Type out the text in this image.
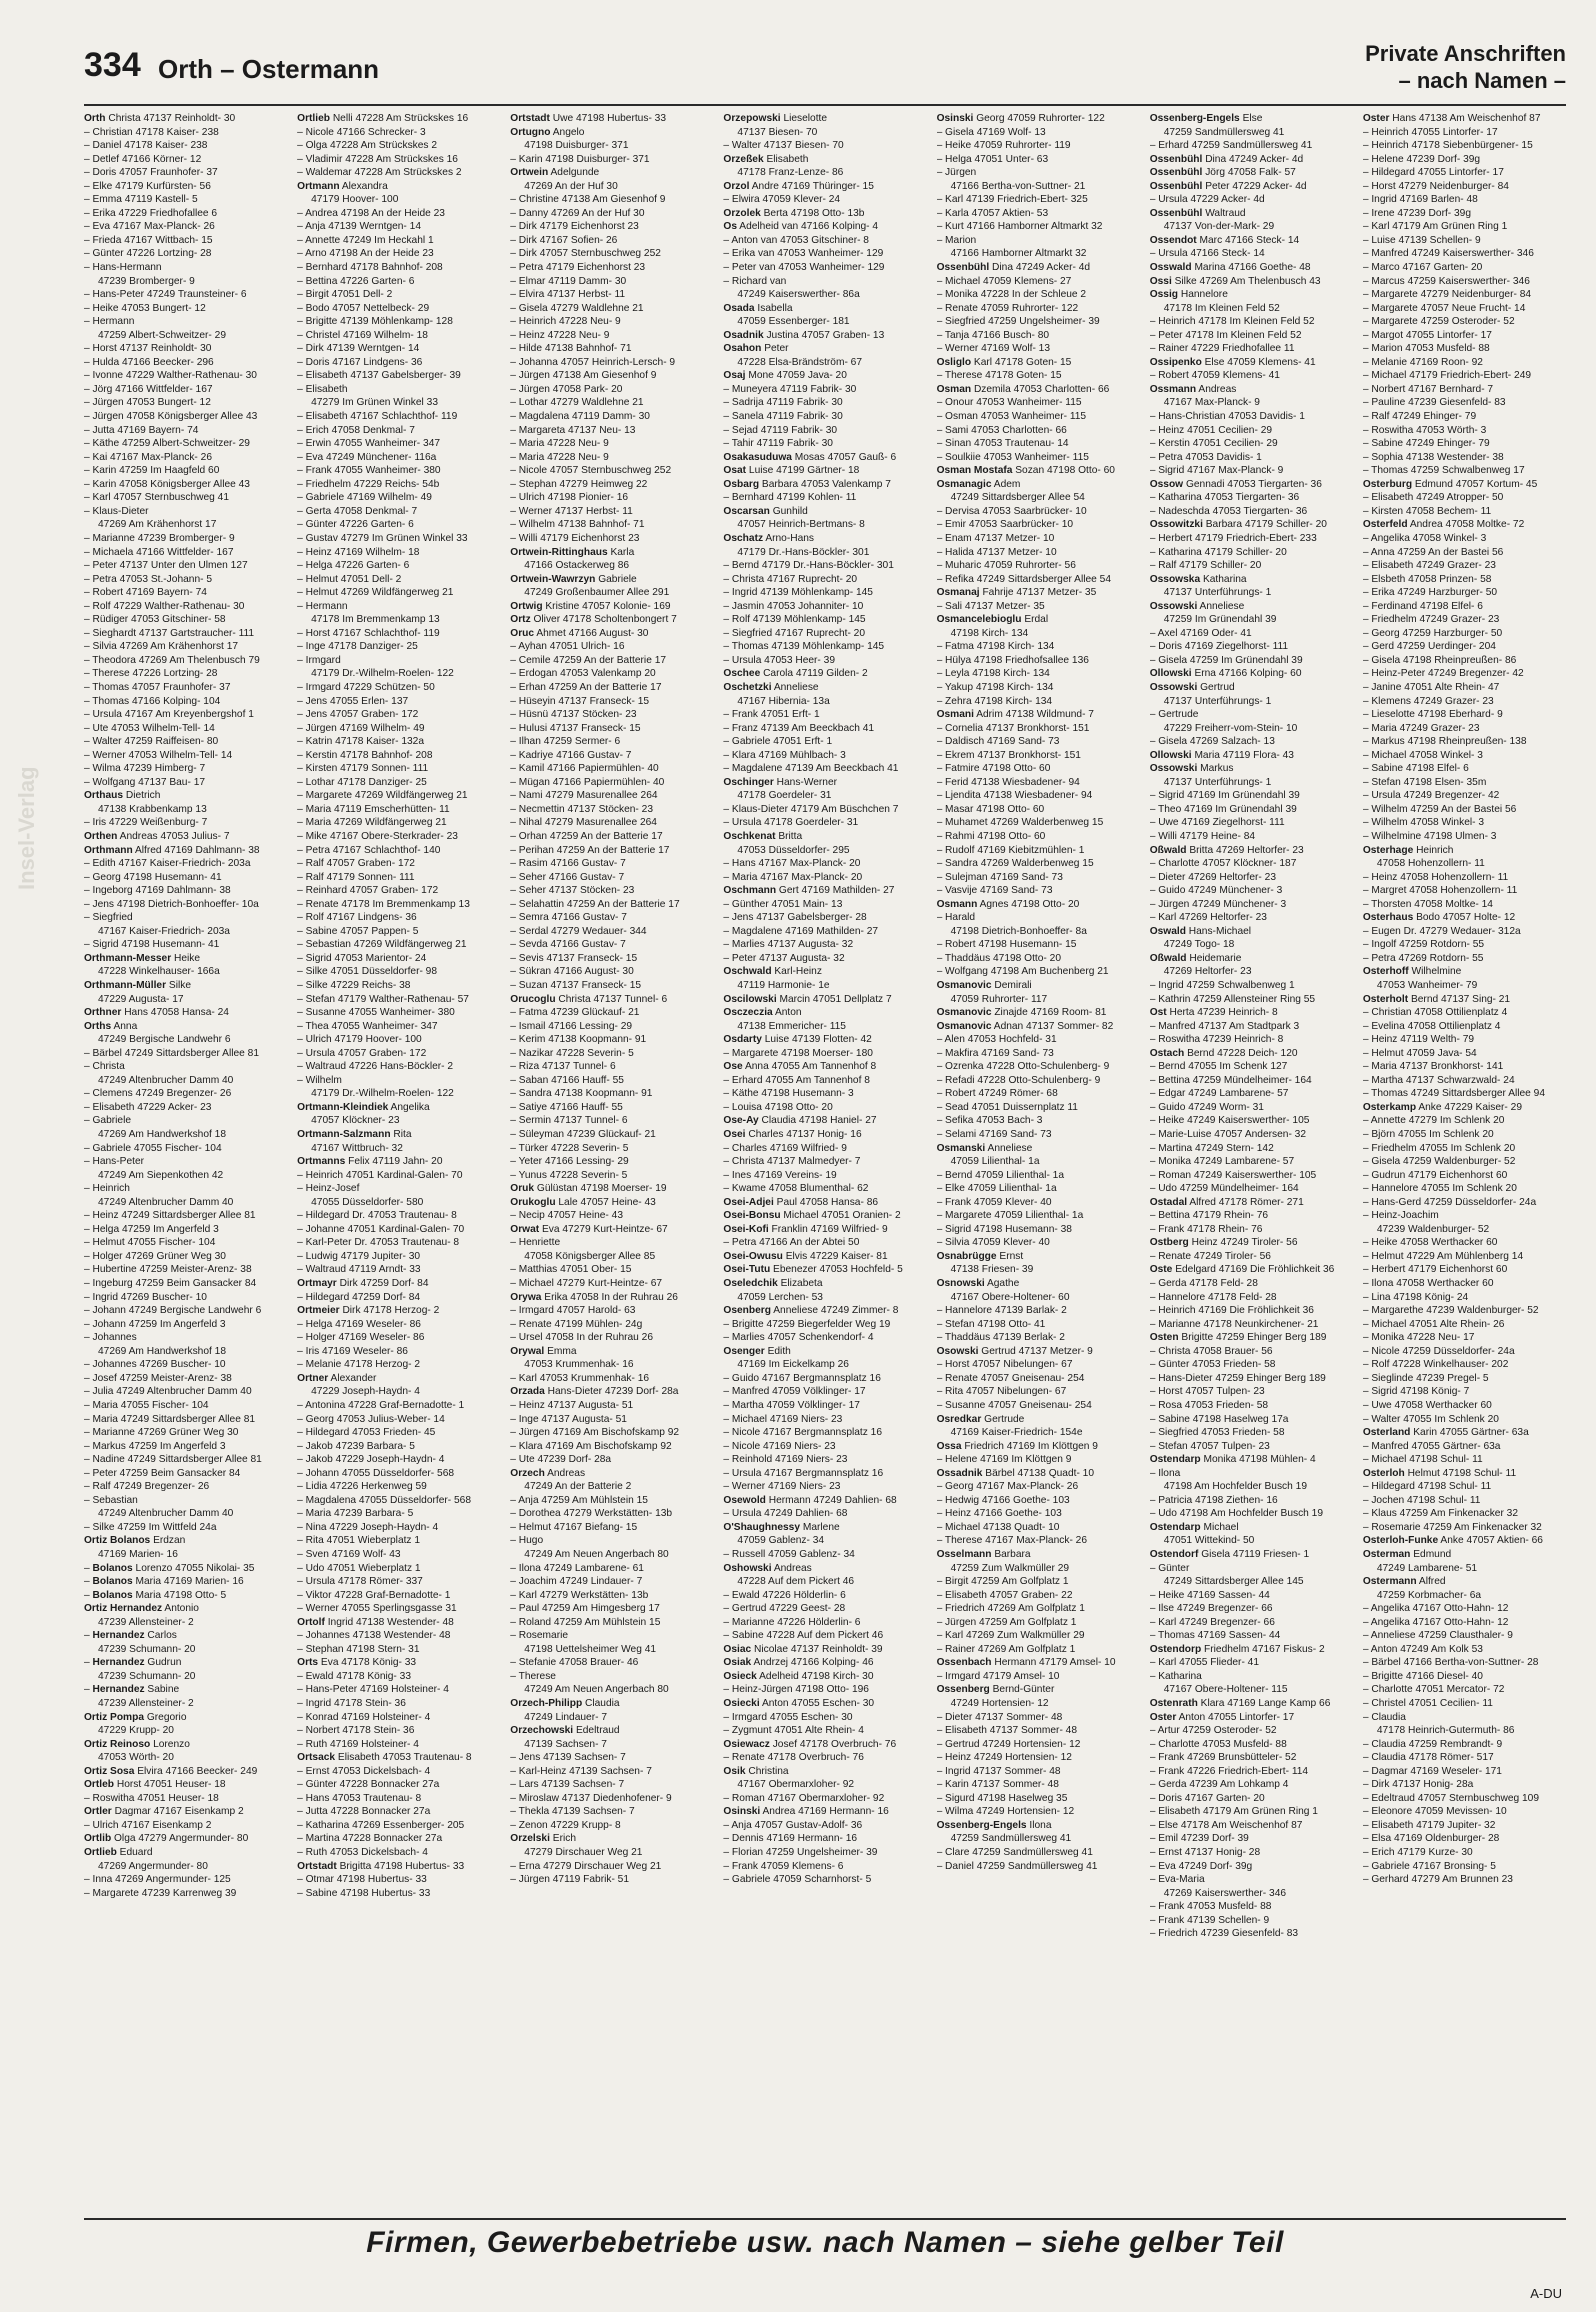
334 Orth – Ostermann
Private Anschriften
– nach Namen –
Insel-Verlag
Orth Christa 47137 Reinholdt- 30
– Christian 47178 Kaiser- 238
– Daniel 47178 Kaiser- 238
– Detlef 47166 Körner- 12
– Doris 47057 Fraunhofer- 37
– Elke 47179 Kurfürsten- 56
– Emma 47119 Kastell- 5
– Erika 47229 Friedhofallee 6
– Eva 47167 Max-Planck- 26
– Frieda 47167 Wittbach- 15
– Günter 47226 Lortzing- 28
– Hans-Hermann
47239 Bromberger- 9
– Hans-Peter 47249 Traunsteiner- 6
– Heike 47053 Bungert- 12
– Hermann
47259 Albert-Schweitzer- 29
– Horst 47137 Reinholdt- 30
– Hulda 47166 Beecker- 296
– Ivonne 47229 Walther-Rathenau- 30
– Jörg 47166 Wittfelder- 167
– Jürgen 47053 Bungert- 12
– Jürgen 47058 Königsberger Allee 43
– Jutta 47169 Bayern- 74
– Käthe 47259 Albert-Schweitzer- 29
– Kai 47167 Max-Planck- 26
– Karin 47259 Im Haagfeld 60
– Karin 47058 Königsberger Allee 43
– Karl 47057 Sternbuschweg 41
– Klaus-Dieter
47269 Am Krähenhorst 17
– Marianne 47239 Bromberger- 9
– Michaela 47166 Wittfelder- 167
– Peter 47137 Unter den Ulmen 127
– Petra 47053 St.-Johann- 5
– Robert 47169 Bayern- 74
– Rolf 47229 Walther-Rathenau- 30
– Rüdiger 47053 Gitschiner- 58
– Sieghardt 47137 Gartstraucher- 111
– Silvia 47269 Am Krähenhorst 17
– Theodora 47269 Am Thelenbusch 79
– Therese 47226 Lortzing- 28
– Thomas 47057 Fraunhofer- 37
– Thomas 47166 Kolping- 104
– Ursula 47167 Am Kreyenbergshof 1
– Ute 47053 Wilhelm-Tell- 14
– Walter 47259 Raiffeisen- 80
– Werner 47053 Wilhelm-Tell- 14
– Wilma 47239 Himberg- 7
– Wolfgang 47137 Bau- 17
Orthaus Dietrich
47138 Krabbenkamp 13
– Iris 47229 Weißenburg- 7
Orthen Andreas 47053 Julius- 7
Orthmann Alfred 47169 Dahlmann- 38
– Edith 47167 Kaiser-Friedrich- 203a
– Georg 47198 Husemann- 41
– Ingeborg 47169 Dahlmann- 38
– Jens 47198 Dietrich-Bonhoeffer- 10a
– Siegfried
47167 Kaiser-Friedrich- 203a
– Sigrid 47198 Husemann- 41
Orthmann-Messer Heike
47228 Winkelhauser- 166a
Orthmann-Müller Silke
47229 Augusta- 17
Orthner Hans 47058 Hansa- 24
Orths Anna
47249 Bergische Landwehr 6
– Bärbel 47249 Sittardsberger Allee 81
– Christa
47249 Altenbrucher Damm 40
– Clemens 47249 Bregenzer- 26
– Elisabeth 47229 Acker- 23
– Gabriele
47269 Am Handwerkshof 18
– Gabriele 47055 Fischer- 104
– Hans-Peter
47249 Am Siepenkothen 42
– Heinrich
47249 Altenbrucher Damm 40
– Heinz 47249 Sittardsberger Allee 81
– Helga 47259 Im Angerfeld 3
– Helmut 47055 Fischer- 104
– Holger 47269 Grüner Weg 30
– Hubertine 47259 Meister-Arenz- 38
– Ingeburg 47259 Beim Gansacker 84
– Ingrid 47269 Buscher- 10
– Johann 47249 Bergische Landwehr 6
– Johann 47259 Im Angerfeld 3
– Johannes
47269 Am Handwerkshof 18
– Johannes 47269 Buscher- 10
– Josef 47259 Meister-Arenz- 38
– Julia 47249 Altenbrucher Damm 40
– Maria 47055 Fischer- 104
– Maria 47249 Sittardsberger Allee 81
– Marianne 47269 Grüner Weg 30
– Markus 47259 Im Angerfeld 3
– Nadine 47249 Sittardsberger Allee 81
– Peter 47259 Beim Gansacker 84
– Ralf 47249 Bregenzer- 26
– Sebastian
47249 Altenbrucher Damm 40
– Silke 47259 Im Wittfeld 24a
Ortiz Bolanos Erdzan
47169 Marien- 16
– Bolanos Lorenzo 47055 Nikolai- 35
– Bolanos Maria 47169 Marien- 16
– Bolanos Maria 47198 Otto- 5
Ortiz Hernandez Antonio
47239 Allensteiner- 2
– Hernandez Carlos
47239 Schumann- 20
– Hernandez Gudrun
47239 Schumann- 20
– Hernandez Sabine
47239 Allensteiner- 2
Ortiz Pompa Gregorio
47229 Krupp- 20
Ortiz Reinoso Lorenzo
47053 Wörth- 20
Ortiz Sosa Elvira 47166 Beecker- 249
Ortleb Horst 47051 Heuser- 18
– Roswitha 47051 Heuser- 18
Ortler Dagmar 47167 Eisenkamp 2
– Ulrich 47167 Eisenkamp 2
Ortlib Olga 47279 Angermunder- 80
Ortlieb Eduard
47269 Angermunder- 80
– Inna 47269 Angermunder- 125
– Margarete 47239 Karrenweg 39
Ortlieb Nelli 47228 Am Strückskes 16
– Nicole 47166 Schrecker- 3
– Olga 47228 Am Strückskes 2
– Vladimir 47228 Am Strückskes 16
– Waldemar 47228 Am Strückskes 2
Ortmann Alexandra
47179 Hoover- 100
– Andrea 47198 An der Heide 23
– Anja 47139 Werntgen- 14
– Annette 47249 Im Heckahl 1
– Arno 47198 An der Heide 23
– Bernhard 47178 Bahnhof- 208
– Bettina 47226 Garten- 6
– Birgit 47051 Dell- 2
– Bodo 47057 Nettelbeck- 29
– Brigitte 47139 Möhlenkamp- 128
– Christel 47169 Wilhelm- 18
– Dirk 47139 Werntgen- 14
– Doris 47167 Lindgens- 36
– Elisabeth 47137 Gabelsberger- 39
– Elisabeth
47279 Im Grünen Winkel 33
– Elisabeth 47167 Schlachthof- 119
– Erich 47058 Denkmal- 7
– Erwin 47055 Wanheimer- 347
– Eva 47249 Münchener- 116a
– Frank 47055 Wanheimer- 380
– Friedhelm 47229 Reichs- 54b
– Gabriele 47169 Wilhelm- 49
– Gerta 47058 Denkmal- 7
– Günter 47226 Garten- 6
– Gustav 47279 Im Grünen Winkel 33
– Heinz 47169 Wilhelm- 18
– Helga 47226 Garten- 6
– Helmut 47051 Dell- 2
– Helmut 47269 Wildfängerweg 21
– Hermann
47178 Im Bremmenkamp 13
– Horst 47167 Schlachthof- 119
– Inge 47178 Danziger- 25
– Irmgard
47179 Dr.-Wilhelm-Roelen- 122
– Irmgard 47229 Schützen- 50
– Jens 47055 Erlen- 137
– Jens 47057 Graben- 172
– Jürgen 47169 Wilhelm- 49
– Katrin 47178 Kaiser- 132a
– Kerstin 47178 Bahnhof- 208
– Kirsten 47179 Sonnen- 111
– Lothar 47178 Danziger- 25
– Margarete 47269 Wildfängerweg 21
– Maria 47119 Emscherhütten- 11
– Maria 47269 Wildfängerweg 21
– Mike 47167 Obere-Sterkrader- 23
– Petra 47167 Schlachthof- 140
– Ralf 47057 Graben- 172
– Ralf 47179 Sonnen- 111
– Reinhard 47057 Graben- 172
– Renate 47178 Im Bremmenkamp 13
– Rolf 47167 Lindgens- 36
– Sabine 47057 Pappen- 5
– Sebastian 47269 Wildfängerweg 21
– Sigrid 47053 Marientor- 24
– Silke 47051 Düsseldorfer- 98
– Silke 47229 Reichs- 38
– Stefan 47179 Walther-Rathenau- 57
– Susanne 47055 Wanheimer- 380
– Thea 47055 Wanheimer- 347
– Ulrich 47179 Hoover- 100
– Ursula 47057 Graben- 172
– Waltraud 47226 Hans-Böckler- 2
– Wilhelm
47179 Dr.-Wilhelm-Roelen- 122
Ortmann-Kleindiek Angelika
47057 Klöckner- 23
Ortmann-Salzmann Rita
47167 Wittbruch- 32
Ortmanns Felix 47119 Jahn- 20
– Heinrich 47051 Kardinal-Galen- 70
– Heinz-Josef
47055 Düsseldorfer- 580
– Hildegard Dr. 47053 Trautenau- 8
– Johanne 47051 Kardinal-Galen- 70
– Karl-Peter Dr. 47053 Trautenau- 8
– Ludwig 47179 Jupiter- 30
– Waltraud 47119 Arndt- 33
Ortmayr Dirk 47259 Dorf- 84
– Hildegard 47259 Dorf- 84
Ortmeier Dirk 47178 Herzog- 2
– Helga 47169 Weseler- 86
– Holger 47169 Weseler- 86
– Iris 47169 Weseler- 86
– Melanie 47178 Herzog- 2
Ortner Alexander
47229 Joseph-Haydn- 4
– Antonina 47228 Graf-Bernadotte- 1
– Georg 47053 Julius-Weber- 14
– Hildegard 47053 Frieden- 45
– Jakob 47239 Barbara- 5
– Jakob 47229 Joseph-Haydn- 4
– Johann 47055 Düsseldorfer- 568
– Lidia 47226 Herkenweg 59
– Magdalena 47055 Düsseldorfer- 568
– Maria 47239 Barbara- 5
– Nina 47229 Joseph-Haydn- 4
– Rita 47051 Wieberplatz 1
– Sven 47169 Wolf- 43
– Udo 47051 Wieberplatz 1
– Ursula 47178 Römer- 337
– Viktor 47228 Graf-Bernadotte- 1
– Werner 47055 Sperlingsgasse 31
Ortolf Ingrid 47138 Westender- 48
– Johannes 47138 Westender- 48
– Stephan 47198 Stern- 31
Orts Eva 47178 König- 33
– Ewald 47178 König- 33
– Hans-Peter 47169 Holsteiner- 4
– Ingrid 47178 Stein- 36
– Konrad 47169 Holsteiner- 4
– Norbert 47178 Stein- 36
– Ruth 47169 Holsteiner- 4
Ortsack Elisabeth 47053 Trautenau- 8
– Ernst 47053 Dickelsbach- 4
– Günter 47228 Bonnacker 27a
– Hans 47053 Trautenau- 8
– Jutta 47228 Bonnacker 27a
– Katharina 47269 Essenberger- 205
– Martina 47228 Bonnacker 27a
– Ruth 47053 Dickelsbach- 4
Ortstadt Brigitta 47198 Hubertus- 33
– Otmar 47198 Hubertus- 33
– Sabine 47198 Hubertus- 33
Ortstadt Uwe 47198 Hubertus- 33
Ortugno Angelo
47198 Duisburger- 371
– Karin 47198 Duisburger- 371
Ortwein Adelgunde
47269 An der Huf 30
– Christine 47138 Am Giesenhof 9
– Danny 47269 An der Huf 30
– Dirk 47179 Eichenhorst 23
– Dirk 47167 Sofien- 26
– Dirk 47057 Sternbuschweg 252
– Petra 47179 Eichenhorst 23
– Elmar 47119 Damm- 30
– Elvira 47137 Herbst- 11
– Gisela 47279 Waldlehne 21
– Heinrich 47228 Neu- 9
– Heinz 47228 Neu- 9
– Hilde 47138 Bahnhof- 71
– Johanna 47057 Heinrich-Lersch- 9
– Jürgen 47138 Am Giesenhof 9
– Jürgen 47058 Park- 20
– Lothar 47279 Waldlehne 21
– Magdalena 47119 Damm- 30
– Margareta 47137 Neu- 13
– Maria 47228 Neu- 9
– Maria 47228 Neu- 9
– Nicole 47057 Sternbuschweg 252
– Stephan 47279 Heimweg 22
– Ulrich 47198 Pionier- 16
– Werner 47137 Herbst- 11
– Wilhelm 47138 Bahnhof- 71
– Willi 47179 Eichenhorst 23
Ortwein-Rittinghaus Karla
47166 Ostackerweg 86
Ortwein-Wawrzyn Gabriele
47249 Großenbaumer Allee 291
Ortwig Kristine 47057 Kolonie- 169
Ortz Oliver 47178 Scholtenbongert 7
Oruc Ahmet 47166 August- 30
– Ayhan 47051 Ulrich- 16
– Cemile 47259 An der Batterie 17
– Erdogan 47053 Valenkamp 20
– Erhan 47259 An der Batterie 17
– Hüseyin 47137 Franseck- 15
– Hüsnü 47137 Stöcken- 23
– Hulusi 47137 Franseck- 15
– Ilhan 47259 Sermer- 6
– Kadriye 47166 Gustav- 7
– Kamil 47166 Papiermühlen- 40
– Mügan 47166 Papiermühlen- 40
– Nami 47279 Masurenallee 264
– Necmettin 47137 Stöcken- 23
– Nihal 47279 Masurenallee 264
– Orhan 47259 An der Batterie 17
– Perihan 47259 An der Batterie 17
– Rasim 47166 Gustav- 7
– Seher 47166 Gustav- 7
– Seher 47137 Stöcken- 23
– Selahattin 47259 An der Batterie 17
– Semra 47166 Gustav- 7
– Serdal 47279 Wedauer- 344
– Sevda 47166 Gustav- 7
– Sevis 47137 Franseck- 15
– Sükran 47166 August- 30
– Suzan 47137 Franseck- 15
Orucoglu Christa 47137 Tunnel- 6
– Fatma 47239 Glückauf- 21
– Ismail 47166 Lessing- 29
– Kerim 47138 Koopmann- 91
– Nazikar 47228 Severin- 5
– Riza 47137 Tunnel- 6
– Saban 47166 Hauff- 55
– Sandra 47138 Koopmann- 91
– Satiye 47166 Hauff- 55
– Sermin 47137 Tunnel- 6
– Süleyman 47239 Glückauf- 21
– Türker 47228 Severin- 5
– Yeter 47166 Lessing- 29
– Yunus 47228 Severin- 5
Oruk Gülüstan 47198 Moerser- 19
Orukoglu Lale 47057 Heine- 43
– Necip 47057 Heine- 43
Orwat Eva 47279 Kurt-Heintze- 67
– Henriette
47058 Königsberger Allee 85
– Matthias 47051 Ober- 15
– Michael 47279 Kurt-Heintze- 67
Orywa Erika 47058 In der Ruhrau 26
– Irmgard 47057 Harold- 63
– Renate 47199 Mühlen- 24g
– Ursel 47058 In der Ruhrau 26
Orywal Emma
47053 Krummenhak- 16
– Karl 47053 Krummenhak- 16
Orzada Hans-Dieter 47239 Dorf- 28a
– Heinz 47137 Augusta- 51
– Inge 47137 Augusta- 51
– Jürgen 47169 Am Bischofskamp 92
– Klara 47169 Am Bischofskamp 92
– Ute 47239 Dorf- 28a
Orzech Andreas
47249 An der Batterie 2
– Anja 47259 Am Mühlstein 15
– Dorothea 47279 Werkstätten- 13b
– Helmut 47167 Biefang- 15
– Hugo
47249 Am Neuen Angerbach 80
– Ilona 47249 Lambarene- 61
– Joachim 47249 Lindauer- 7
– Karl 47279 Werkstätten- 13b
– Paul 47259 Am Himgesberg 17
– Roland 47259 Am Mühlstein 15
– Rosemarie
47198 Uettelsheimer Weg 41
– Stefanie 47058 Brauer- 46
– Therese
47249 Am Neuen Angerbach 80
Orzech-Philipp Claudia
47249 Lindauer- 7
Orzechowski Edeltraud
47139 Sachsen- 7
– Jens 47139 Sachsen- 7
– Karl-Heinz 47139 Sachsen- 7
– Lars 47139 Sachsen- 7
– Miroslaw 47137 Diedenhofener- 9
– Thekla 47139 Sachsen- 7
– Zenon 47229 Krupp- 8
Orzelski Erich
47279 Dirschauer Weg 21
– Erna 47279 Dirschauer Weg 21
– Jürgen 47119 Fabrik- 51
Orzepowski Lieselotte
47137 Biesen- 70
– Walter 47137 Biesen- 70
Orzeßek Elisabeth
47178 Franz-Lenze- 86
Orzol Andre 47169 Thüringer- 15
– Elwira 47059 Klever- 24
Orzolek Berta 47198 Otto- 13b
Os Adelheid van 47166 Kolping- 4
– Anton van 47053 Gitschiner- 8
– Erika van 47053 Wanheimer- 129
– Peter van 47053 Wanheimer- 129
– Richard van
47249 Kaiserswerther- 86a
Osada Isabella
47059 Essenberger- 181
Osadnik Justina 47057 Graben- 13
Osahon Peter
47228 Elsa-Brändström- 67
Osaj Mone 47059 Java- 20
– Muneyera 47119 Fabrik- 30
– Sadrija 47119 Fabrik- 30
– Sanela 47119 Fabrik- 30
– Sejad 47119 Fabrik- 30
– Tahir 47119 Fabrik- 30
Osakasuduwa Mosas 47057 Gauß- 6
Osat Luise 47199 Gärtner- 18
Osbarg Barbara 47053 Valenkamp 7
– Bernhard 47199 Kohlen- 11
Oscarsan Gunhild
47057 Heinrich-Bertmans- 8
Oschatz Arno-Hans
47179 Dr.-Hans-Böckler- 301
– Bernd 47179 Dr.-Hans-Böckler- 301
– Christa 47167 Ruprecht- 20
– Ingrid 47139 Möhlenkamp- 145
– Jasmin 47053 Johanniter- 10
– Rolf 47139 Möhlenkamp- 145
– Siegfried 47167 Ruprecht- 20
– Thomas 47139 Möhlenkamp- 145
– Ursula 47053 Heer- 39
Oschee Carola 47119 Gilden- 2
Oschetzki Anneliese
47167 Hibernia- 13a
– Frank 47051 Erft- 1
– Franz 47139 Am Beeckbach 41
– Gabriele 47051 Erft- 1
– Klara 47169 Mühlbach- 3
– Magdalene 47139 Am Beeckbach 41
Oschinger Hans-Werner
47178 Goerdeler- 31
– Klaus-Dieter 47179 Am Büschchen 7
– Ursula 47178 Goerdeler- 31
Oschkenat Britta
47053 Düsseldorfer- 295
– Hans 47167 Max-Planck- 20
– Maria 47167 Max-Planck- 20
Oschmann Gert 47169 Mathilden- 27
– Günther 47051 Main- 13
– Jens 47137 Gabelsberger- 28
– Magdalene 47169 Mathilden- 27
– Marlies 47137 Augusta- 32
– Peter 47137 Augusta- 32
Oschwald Karl-Heinz
47119 Harmonie- 1e
Oscilowski Marcin 47051 Dellplatz 7
Osczeczia Anton
47138 Emmericher- 115
Osdarty Luise 47139 Flotten- 42
– Margarete 47198 Moerser- 180
Ose Anna 47055 Am Tannenhof 8
– Erhard 47055 Am Tannenhof 8
– Käthe 47198 Husemann- 3
– Louisa 47198 Otto- 20
Ose-Ay Claudia 47198 Haniel- 27
Osei Charles 47137 Honig- 16
– Charles 47169 Wilfried- 9
– Christa 47137 Malmedyer- 7
– Ines 47169 Vereins- 19
– Kwame 47058 Blumenthal- 62
Osei-Adjei Paul 47058 Hansa- 86
Osei-Bonsu Michael 47051 Oranien- 2
Osei-Kofi Franklin 47169 Wilfried- 9
– Petra 47166 An der Abtei 50
Osei-Owusu Elvis 47229 Kaiser- 81
Osei-Tutu Ebenezer 47053 Hochfeld- 5
Oseledchik Elizabeta
47059 Lerchen- 53
Osenberg Anneliese 47249 Zimmer- 8
– Brigitte 47259 Biegerfelder Weg 19
– Marlies 47057 Schenkendorf- 4
Osenger Edith
47169 Im Eickelkamp 26
– Guido 47167 Bergmannsplatz 16
– Manfred 47059 Völklinger- 17
– Martha 47059 Völklinger- 17
– Michael 47169 Niers- 23
– Nicole 47167 Bergmannsplatz 16
– Nicole 47169 Niers- 23
– Reinhold 47169 Niers- 23
– Ursula 47167 Bergmannsplatz 16
– Werner 47169 Niers- 23
Osewold Hermann 47249 Dahlien- 68
– Ursula 47249 Dahlien- 68
O'Shaughnessy Marlene
47059 Gablenz- 34
– Russell 47059 Gablenz- 34
Oshowski Andreas
47228 Auf dem Pickert 46
– Ewald 47226 Hölderlin- 6
– Gertrud 47229 Geest- 28
– Marianne 47226 Hölderlin- 6
– Sabine 47228 Auf dem Pickert 46
Osiac Nicolae 47137 Reinholdt- 39
Osiak Andrzej 47166 Kolping- 46
Osieck Adelheid 47198 Kirch- 30
– Heinz-Jürgen 47198 Otto- 196
Osiecki Anton 47055 Eschen- 30
– Irmgard 47055 Eschen- 30
– Zygmunt 47051 Alte Rhein- 4
Osiewacz Josef 47178 Overbruch- 76
– Renate 47178 Overbruch- 76
Osik Christina
47167 Obermarxloher- 92
– Roman 47167 Obermarxloher- 92
Osinski Andrea 47169 Hermann- 16
– Anja 47057 Gustav-Adolf- 36
– Dennis 47169 Hermann- 16
– Florian 47259 Ungelsheimer- 39
– Frank 47059 Klemens- 6
– Gabriele 47059 Scharnhorst- 5
Osinski Georg 47059 Ruhrorter- 122
– Gisela 47169 Wolf- 13
– Heike 47059 Ruhrorter- 119
– Helga 47051 Unter- 63
– Jürgen
47166 Bertha-von-Suttner- 21
– Karl 47139 Friedrich-Ebert- 325
– Karla 47057 Aktien- 53
– Kurt 47166 Hamborner Altmarkt 32
– Marion
47166 Hamborner Altmarkt 32
Ossenbühl Dina 47249 Acker- 4d
– Michael 47059 Klemens- 27
– Monika 47228 In der Schleue 2
– Renate 47059 Ruhrorter- 122
– Siegfried 47259 Ungelsheimer- 39
– Tanja 47166 Busch- 80
– Werner 47169 Wolf- 13
Osliglo Karl 47178 Goten- 15
– Therese 47178 Goten- 15
Osman Dzemila 47053 Charlotten- 66
– Onour 47053 Wanheimer- 115
– Osman 47053 Wanheimer- 115
– Sami 47053 Charlotten- 66
– Sinan 47053 Trautenau- 14
– Soulkiie 47053 Wanheimer- 115
Osman Mostafa Sozan 47198 Otto- 60
Osmanagic Adem
47249 Sittardsberger Allee 54
– Dervisa 47053 Saarbrücker- 10
– Emir 47053 Saarbrücker- 10
– Enam 47137 Metzer- 10
– Halida 47137 Metzer- 10
– Muharic 47059 Ruhrorter- 56
– Refika 47249 Sittardsberger Allee 54
Osmanaj Fahrije 47137 Metzer- 35
– Sali 47137 Metzer- 35
Osmancelebioglu Erdal
47198 Kirch- 134
– Fatma 47198 Kirch- 134
– Hülya 47198 Friedhofsallee 136
– Leyla 47198 Kirch- 134
– Yakup 47198 Kirch- 134
– Zehra 47198 Kirch- 134
Osmani Adrim 47138 Wildmund- 7
– Cornelia 47137 Bronkhorst- 151
– Daldisch 47169 Sand- 73
– Ekrem 47137 Bronkhorst- 151
– Fatmire 47198 Otto- 60
– Ferid 47138 Wiesbadener- 94
– Ljendita 47138 Wiesbadener- 94
– Masar 47198 Otto- 60
– Muhamet 47269 Walderbenweg 15
– Rahmi 47198 Otto- 60
– Rudolf 47169 Kiebitzmühlen- 1
– Sandra 47269 Walderbenweg 15
– Sulejman 47169 Sand- 73
– Vasvije 47169 Sand- 73
Osmann Agnes 47198 Otto- 20
– Harald
47198 Dietrich-Bonhoeffer- 8a
– Robert 47198 Husemann- 15
– Thaddäus 47198 Otto- 20
– Wolfgang 47198 Am Buchenberg 21
Osmanovic Demirali
47059 Ruhrorter- 117
Osmanovic Zinajde 47169 Room- 81
Osmanovic Adnan 47137 Sommer- 82
– Alen 47053 Hochfeld- 31
– Makfira 47169 Sand- 73
– Ozrenka 47228 Otto-Schulenberg- 9
– Refadi 47228 Otto-Schulenberg- 9
– Robert 47249 Römer- 68
– Sead 47051 Duissernplatz 11
– Sefika 47053 Bach- 3
– Selami 47169 Sand- 73
Osmanski Anneliese
47059 Lilienthal- 1a
– Bernd 47059 Lilienthal- 1a
– Elke 47059 Lilienthal- 1a
– Frank 47059 Klever- 40
– Margarete 47059 Lilienthal- 1a
– Sigrid 47198 Husemann- 38
– Silvia 47059 Klever- 40
Osnabrügge Ernst
47138 Friesen- 39
Osnowski Agathe
47167 Obere-Holtener- 60
– Hannelore 47139 Barlak- 2
– Stefan 47198 Otto- 41
– Thaddäus 47139 Berlak- 2
Osowski Gertrud 47137 Metzer- 9
– Horst 47057 Nibelungen- 67
– Renate 47057 Gneisenau- 254
– Rita 47057 Nibelungen- 67
– Susanne 47057 Gneisenau- 254
Osredkar Gertrude
47169 Kaiser-Friedrich- 154e
Ossa Friedrich 47169 Im Klöttgen 9
– Helene 47169 Im Klöttgen 9
Ossadnik Bärbel 47138 Quadt- 10
– Georg 47167 Max-Planck- 26
– Hedwig 47166 Goethe- 103
– Heinz 47166 Goethe- 103
– Michael 47138 Quadt- 10
– Therese 47167 Max-Planck- 26
Osselmann Barbara
47259 Zum Walkmüller 29
– Birgit 47259 Am Golfplatz 1
– Elisabeth 47057 Graben- 22
– Friedrich 47269 Am Golfplatz 1
– Jürgen 47259 Am Golfplatz 1
– Karl 47269 Zum Walkmüller 29
– Rainer 47269 Am Golfplatz 1
Ossenbach Hermann 47179 Amsel- 10
– Irmgard 47179 Amsel- 10
Ossenberg Bernd-Günter
47249 Hortensien- 12
– Dieter 47137 Sommer- 48
– Elisabeth 47137 Sommer- 48
– Gertrud 47249 Hortensien- 12
– Heinz 47249 Hortensien- 12
– Ingrid 47137 Sommer- 48
– Karin 47137 Sommer- 48
– Sigurd 47198 Haselweg 35
– Wilma 47249 Hortensien- 12
Ossenberg-Engels Ilona
47259 Sandmüllersweg 41
– Clare 47259 Sandmüllersweg 41
– Daniel 47259 Sandmüllersweg 41
Ossenberg-Engels Else
47259 Sandmüllersweg 41
– Erhard 47259 Sandmüllersweg 41
Ossenbühl Dina 47249 Acker- 4d
Ossenbühl Jörg 47058 Falk- 57
Ossenbühl Peter 47229 Acker- 4d
– Ursula 47229 Acker- 4d
Ossenbühl Waltraud
47137 Von-der-Mark- 29
Ossendot Marc 47166 Steck- 14
– Ursula 47166 Steck- 14
Osswald Marina 47166 Goethe- 48
Ossi Silke 47269 Am Thelenbusch 43
Ossig Hannelore
47178 Im Kleinen Feld 52
– Heinrich 47178 Im Kleinen Feld 52
– Peter 47178 Im Kleinen Feld 52
– Rainer 47229 Friedhofallee 11
Ossipenko Else 47059 Klemens- 41
– Robert 47059 Klemens- 41
Ossmann Andreas
47167 Max-Planck- 9
– Hans-Christian 47053 Davidis- 1
– Heinz 47051 Cecilien- 29
– Kerstin 47051 Cecilien- 29
– Petra 47053 Davidis- 1
– Sigrid 47167 Max-Planck- 9
Ossow Gennadi 47053 Tiergarten- 36
– Katharina 47053 Tiergarten- 36
– Nadeschda 47053 Tiergarten- 36
Ossowitzki Barbara 47179 Schiller- 20
– Herbert 47179 Friedrich-Ebert- 233
– Katharina 47179 Schiller- 20
– Ralf 47179 Schiller- 20
Ossowska Katharina
47137 Unterführungs- 1
Ossowski Anneliese
47259 Im Grünendahl 39
– Axel 47169 Oder- 41
– Doris 47169 Ziegelhorst- 111
– Gisela 47259 Im Grünendahl 39
Ollowski Erna 47166 Kolping- 60
Ossowski Gertrud
47137 Unterführungs- 1
– Gertrude
47229 Freiherr-vom-Stein- 10
– Gisela 47269 Salzach- 13
Ollowski Maria 47119 Flora- 43
Ossowski Markus
47137 Unterführungs- 1
– Sigrid 47169 Im Grünendahl 39
– Theo 47169 Im Grünendahl 39
– Uwe 47169 Ziegelhorst- 111
– Willi 47179 Heine- 84
Oßwald Britta 47269 Heltorfer- 23
– Charlotte 47057 Klöckner- 187
– Dieter 47269 Heltorfer- 23
– Guido 47249 Münchener- 3
– Jürgen 47249 Münchener- 3
– Karl 47269 Heltorfer- 23
Oswald Hans-Michael
47249 Togo- 18
Oßwald Heidemarie
47269 Heltorfer- 23
– Ingrid 47259 Schwalbenweg 1
– Kathrin 47259 Allensteiner Ring 55
Ost Herta 47239 Heinrich- 8
– Manfred 47137 Am Stadtpark 3
– Roswitha 47239 Heinrich- 8
Ostach Bernd 47228 Deich- 120
– Bernd 47055 Im Schenk 127
– Bettina 47259 Mündelheimer- 164
– Edgar 47249 Lambarene- 57
– Guido 47249 Worm- 31
– Heike 47249 Kaiserswerther- 105
– Marie-Luise 47057 Andersen- 32
– Martina 47249 Stern- 142
– Monika 47249 Lambarene- 57
– Roman 47249 Kaiserswerther- 105
– Udo 47259 Mündelheimer- 164
Ostadal Alfred 47178 Römer- 271
– Bettina 47179 Rhein- 76
– Frank 47178 Rhein- 76
Ostberg Heinz 47249 Tiroler- 56
– Renate 47249 Tiroler- 56
Oste Edelgard 47169 Die Fröhlichkeit 36
– Gerda 47178 Feld- 28
– Hannelore 47178 Feld- 28
– Heinrich 47169 Die Fröhlichkeit 36
– Marianne 47178 Neunkirchener- 21
Osten Brigitte 47259 Ehinger Berg 189
– Christa 47058 Brauer- 56
– Günter 47053 Frieden- 58
– Hans-Dieter 47259 Ehinger Berg 189
– Horst 47057 Tulpen- 23
– Rosa 47053 Frieden- 58
– Sabine 47198 Haselweg 17a
– Siegfried 47053 Frieden- 58
– Stefan 47057 Tulpen- 23
Ostendarp Monika 47198 Mühlen- 4
– Ilona
47198 Am Hochfelder Busch 19
– Patricia 47198 Ziethen- 16
– Udo 47198 Am Hochfelder Busch 19
Ostendarp Michael
47051 Wittekind- 50
Ostendorf Gisela 47119 Friesen- 1
– Günter
47249 Sittardsberger Allee 145
– Heike 47169 Sassen- 44
– Ilse 47249 Bregenzer- 66
– Karl 47249 Bregenzer- 66
– Thomas 47169 Sassen- 44
Ostendorp Friedhelm 47167 Fiskus- 2
– Karl 47055 Flieder- 41
– Katharina
47167 Obere-Holtener- 115
Ostenrath Klara 47169 Lange Kamp 66
Oster Anton 47055 Lintorfer- 17
– Artur 47259 Osteroder- 52
– Charlotte 47053 Musfeld- 88
– Frank 47269 Brunsbütteler- 52
– Frank 47226 Friedrich-Ebert- 114
– Gerda 47239 Am Lohkamp 4
– Doris 47167 Garten- 20
– Elisabeth 47179 Am Grünen Ring 1
– Else 47178 Am Weischenhof 87
– Emil 47239 Dorf- 39
– Ernst 47137 Honig- 28
– Eva 47249 Dorf- 39g
– Eva-Maria
47269 Kaiserswerther- 346
– Frank 47053 Musfeld- 88
– Frank 47139 Schellen- 9
– Friedrich 47239 Giesenfeld- 83
Oster Hans 47138 Am Weischenhof 87
– Heinrich 47055 Lintorfer- 17
– Heinrich 47178 Siebenbürgener- 15
– Helene 47239 Dorf- 39g
– Hildegard 47055 Lintorfer- 17
– Horst 47279 Neidenburger- 84
– Ingrid 47169 Barlen- 48
– Irene 47239 Dorf- 39g
– Karl 47179 Am Grünen Ring 1
– Luise 47139 Schellen- 9
– Manfred 47249 Kaiserswerther- 346
– Marco 47167 Garten- 20
– Marcus 47259 Kaiserswerther- 346
– Margarete 47279 Neidenburger- 84
– Margarete 47057 Neue Frucht- 14
– Margarete 47259 Osteroder- 52
– Margot 47055 Lintorfer- 17
– Marion 47053 Musfeld- 88
– Melanie 47169 Roon- 92
– Michael 47179 Friedrich-Ebert- 249
– Norbert 47167 Bernhard- 7
– Pauline 47239 Giesenfeld- 83
– Ralf 47249 Ehinger- 79
– Roswitha 47053 Wörth- 3
– Sabine 47249 Ehinger- 79
– Sophia 47138 Westender- 38
– Thomas 47259 Schwalbenweg 17
Osterburg Edmund 47057 Kortum- 45
– Elisabeth 47249 Atropper- 50
– Kirsten 47058 Bechem- 11
Osterfeld Andrea 47058 Moltke- 72
– Angelika 47058 Winkel- 3
– Anna 47259 An der Bastei 56
– Elisabeth 47249 Grazer- 23
– Elsbeth 47058 Prinzen- 58
– Erika 47249 Harzburger- 50
– Ferdinand 47198 Elfel- 6
– Friedhelm 47249 Grazer- 23
– Georg 47259 Harzburger- 50
– Gerd 47259 Uerdinger- 204
– Gisela 47198 Rheinpreußen- 86
– Heinz-Peter 47249 Bregenzer- 42
– Janine 47051 Alte Rhein- 47
– Klemens 47249 Grazer- 23
– Lieselotte 47198 Eberhard- 9
– Maria 47249 Grazer- 23
– Markus 47198 Rheinpreußen- 138
– Michael 47058 Winkel- 3
– Sabine 47198 Elfel- 6
– Stefan 47198 Elsen- 35m
– Ursula 47249 Bregenzer- 42
– Wilhelm 47259 An der Bastei 56
– Wilhelm 47058 Winkel- 3
– Wilhelmine 47198 Ulmen- 3
Osterhage Heinrich
47058 Hohenzollern- 11
– Heinz 47058 Hohenzollern- 11
– Margret 47058 Hohenzollern- 11
– Thorsten 47058 Moltke- 14
Osterhaus Bodo 47057 Holte- 12
– Eugen Dr. 47279 Wedauer- 312a
– Ingolf 47259 Rotdorn- 55
– Petra 47269 Rotdorn- 55
Osterhoff Wilhelmine
47053 Wanheimer- 79
Osterholt Bernd 47137 Sing- 21
– Christian 47058 Ottilienplatz 4
– Evelina 47058 Ottilienplatz 4
– Heinz 47119 Welth- 79
– Helmut 47059 Java- 54
– Maria 47137 Bronkhorst- 141
– Martha 47137 Schwarzwald- 24
– Thomas 47249 Sittardsberger Allee 94
Osterkamp Anke 47229 Kaiser- 29
– Annette 47279 Im Schlenk 20
– Björn 47055 Im Schlenk 20
– Friedhelm 47055 Im Schlenk 20
– Gisela 47259 Waldenburger- 52
– Gudrun 47179 Eichenhorst 60
– Hannelore 47055 Im Schlenk 20
– Hans-Gerd 47259 Düsseldorfer- 24a
– Heinz-Joachim
47239 Waldenburger- 52
– Heike 47058 Werthacker 60
– Helmut 47229 Am Mühlenberg 14
– Herbert 47179 Eichenhorst 60
– Ilona 47058 Werthacker 60
– Lina 47198 König- 24
– Margarethe 47239 Waldenburger- 52
– Michael 47051 Alte Rhein- 26
– Monika 47228 Neu- 17
– Nicole 47259 Düsseldorfer- 24a
– Rolf 47228 Winkelhauser- 202
– Sieglinde 47239 Pregel- 5
– Sigrid 47198 König- 7
– Uwe 47058 Werthacker 60
– Walter 47055 Im Schlenk 20
Osterland Karin 47055 Gärtner- 63a
– Manfred 47055 Gärtner- 63a
– Michael 47198 Schul- 11
Osterloh Helmut 47198 Schul- 11
– Hildegard 47198 Schul- 11
– Jochen 47198 Schul- 11
– Klaus 47259 Am Finkenacker 32
– Rosemarie 47259 Am Finkenacker 32
Osterloh-Funke Anke 47057 Aktien- 66
Osterman Edmund
47249 Lambarene- 51
Ostermann Alfred
47259 Korbmacher- 6a
– Angelika 47167 Otto-Hahn- 12
– Angelika 47167 Otto-Hahn- 12
– Anneliese 47259 Clausthaler- 9
– Anton 47249 Am Kolk 53
– Bärbel 47166 Bertha-von-Suttner- 28
– Brigitte 47166 Diesel- 40
– Charlotte 47051 Mercator- 72
– Christel 47051 Cecilien- 11
– Claudia
47178 Heinrich-Gutermuth- 86
– Claudia 47259 Rembrandt- 9
– Claudia 47178 Römer- 517
– Dagmar 47169 Weseler- 171
– Dirk 47137 Honig- 28a
– Edeltraud 47057 Sternbuschweg 109
– Eleonore 47059 Mevissen- 10
– Elisabeth 47179 Jupiter- 32
– Elsa 47169 Oldenburger- 28
– Erich 47179 Kurze- 30
– Gabriele 47167 Bronsing- 5
– Gerhard 47279 Am Brunnen 23
Firmen, Gewerbebetriebe usw. nach Namen – siehe gelber Teil
A-DU
